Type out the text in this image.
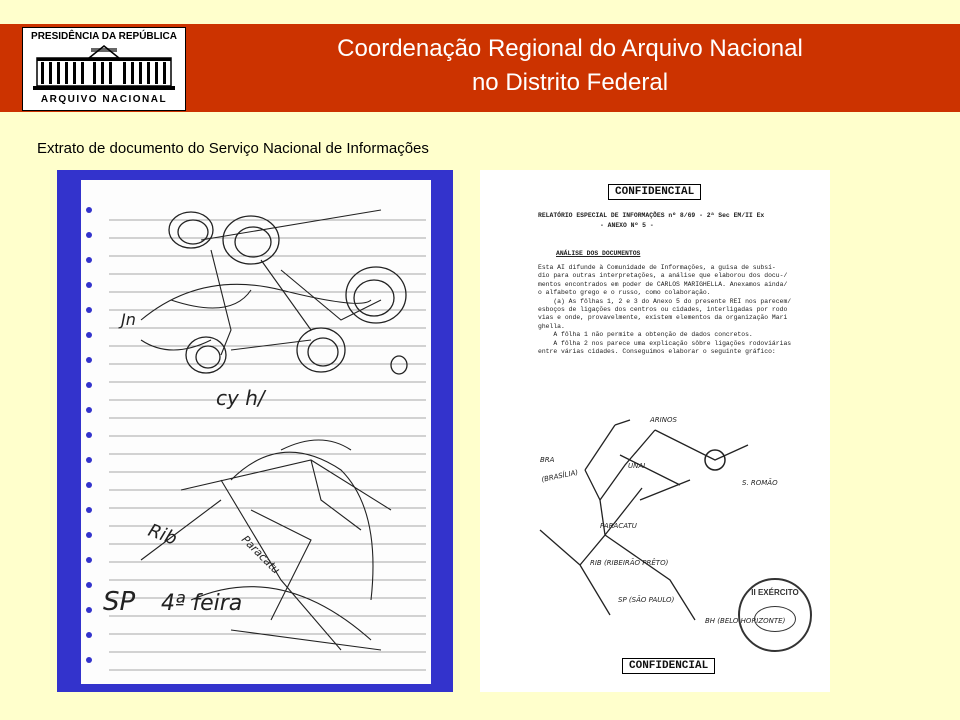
PRESIDÊNCIA DA REPÚBLICA
ARQUIVO NACIONAL
Coordenação Regional do Arquivo Nacional
no Distrito Federal
Extrato de documento do Serviço Nacional de Informações
Jn
cy h/
SP 4ª feira
Rib	Paracatu
CONFIDENCIAL
RELATÓRIO ESPECIAL DE INFORMAÇÕES nº 8/69 - 2ª Sec EM/II Ex
- ANEXO Nº 5 -
ANÁLISE DOS DOCUMENTOS
Esta AI difunde à Comunidade de Informações, a guisa de subsí-
dio para outras interpretações, a análise que elaborou dos docu-/
mentos encontrados em poder de CARLOS MARIGHELLA. Anexamos ainda/
o alfabeto grego e o russo, como colaboração.
(a) As fôlhas 1, 2 e 3 do Anexo 5 do presente REI nos parecem/
esboços de ligações dos centros ou cidades, interligadas por rodo
vias e onde, provavelmente, existem elementos da organização Mari
ghella.
A fôlha 1 não permite a obtenção de dados concretos.
A fôlha 2 nos parece uma explicação sôbre ligações rodoviárias
entre várias cidades. Conseguimos elaborar o seguinte gráfico:
ARINOS
BRA
(BRASÍLIA)
UNAI
S. ROMÃO
PARACATU
RIB (RIBEIRÃO PRÊTO)
BH (BELO HORIZONTE)
SP (SÃO PAULO)
II EXÉRCITO
CONFIDENCIAL
